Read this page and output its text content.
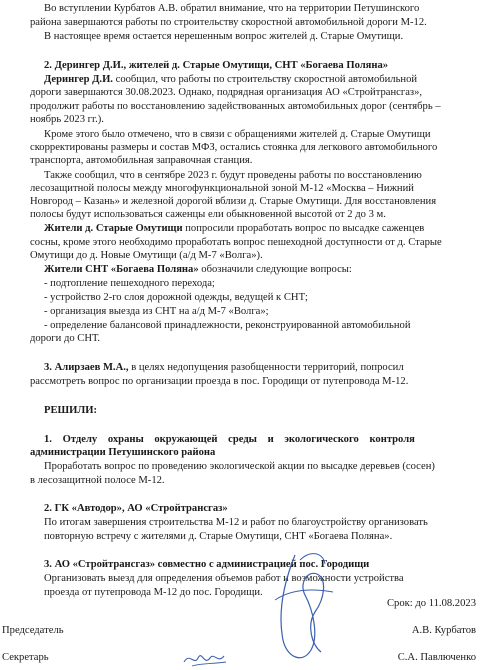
Во вступлении Курбатов А.В. обратил внимание, что на территории Петушинского
района завершаются работы по строительству скоростной автомобильной дороги М-12.
В настоящее время остается нерешенным вопрос жителей д. Старые Омутищи.
2. Дерингер Д.И., жителей д. Старые Омутищи, СНТ «Богаева Поляна»
Дерингер Д.И. сообщил, что работы по строительству скоростной автомобильной
дороги завершаются 30.08.2023. Однако, подрядная организация АО «Стройтрансгаз»,
продолжит работы по восстановлению задействованных автомобильных дорог (сентябрь –
ноябрь 2023 гг.).
Кроме этого было отмечено, что в связи с обращениями жителей д. Старые Омутищи
скорректированы размеры и состав МФЗ, остались стоянка для легкового автомобильного
транспорта, автомобильная заправочная станция.
Также сообщил, что в сентябре 2023 г. будут проведены работы по восстановлению
лесозащитной полосы между многофункциональной зоной М-12 «Москва – Нижний
Новгород – Казань» и железной дорогой вблизи д. Старые Омутищи. Для восстановления
полосы будут использоваться саженцы ели обыкновенной высотой от 2 до 3 м.
Жители д. Старые Омутищи попросили проработать вопрос по высадке саженцев
сосны, кроме этого необходимо проработать вопрос пешеходной доступности от д. Старые
Омутищи до д. Новые Омутищи (а/д М-7 «Волга»).
Жители СНТ «Богаева Поляна» обозначили следующие вопросы:
- подтопление пешеходного перехода;
- устройство 2-го слоя дорожной одежды, ведущей к СНТ;
- организация выезда из СНТ на а/д М-7 «Волга»;
- определение балансовой принадлежности, реконструированной автомобильной
дороги до СНТ.
3. Алирзаев М.А., в целях недопущения разобщенности территорий, попросил
рассмотреть вопрос по организации проезда в пос. Городищи от путепровода М-12.
РЕШИЛИ:
1. Отделу охраны окружающей среды и экологического контроля
администрации Петушинского района
Проработать вопрос по проведению экологической акции по высадке деревьев (сосен)
в лесозащитной полосе М-12.
2. ГК «Автодор», АО «Стройтрансгаз»
По итогам завершения строительства М-12 и работ по благоустройству организовать
повторную встречу с жителями д. Старые Омутищи, СНТ «Богаева Поляна».
3. АО «Стройтрансгаз» совместно с администрацией пос. Городищи
Организовать выезд для определения объемов работ и возможности устройства
проезда от путепровода М-12 до пос. Городищи.
Срок: до 11.08.2023
Председатель	А.В. Курбатов
Секретарь	С.А. Павлюченко
